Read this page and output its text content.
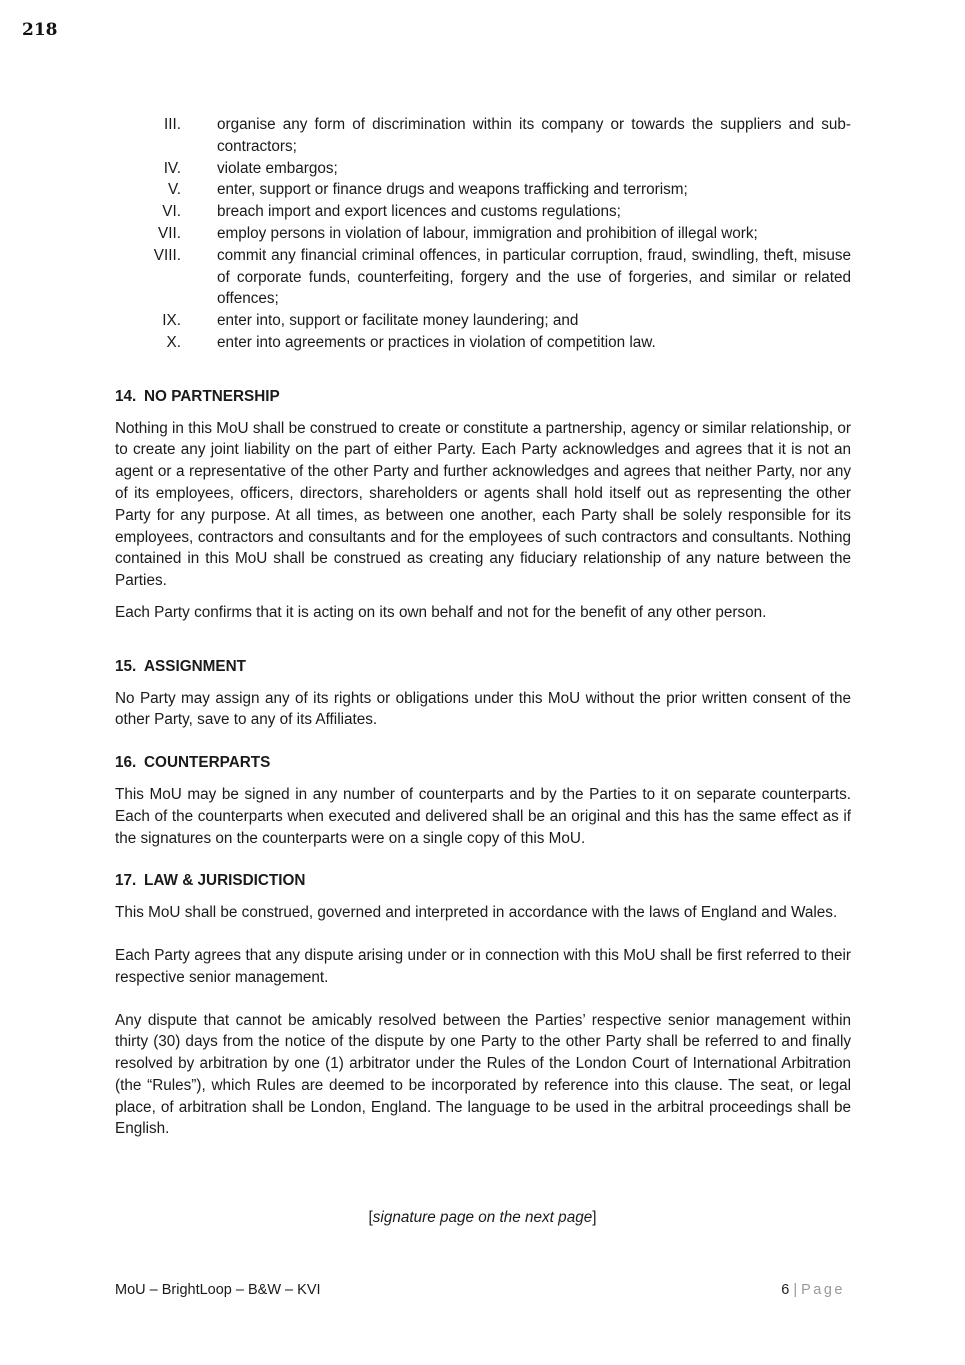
218
III.	organise any form of discrimination within its company or towards the suppliers and sub-contractors;
IV.	violate embargos;
V.	enter, support or finance drugs and weapons trafficking and terrorism;
VI.	breach import and export licences and customs regulations;
VII.	employ persons in violation of labour, immigration and prohibition of illegal work;
VIII.	commit any financial criminal offences, in particular corruption, fraud, swindling, theft, misuse of corporate funds, counterfeiting, forgery and the use of forgeries, and similar or related offences;
IX.	enter into, support or facilitate money laundering; and
X.	enter into agreements or practices in violation of competition law.

14. NO PARTNERSHIP

Nothing in this MoU shall be construed to create or constitute a partnership, agency or similar relationship, or to create any joint liability on the part of either Party. Each Party acknowledges and agrees that it is not an agent or a representative of the other Party and further acknowledges and agrees that neither Party, nor any of its employees, officers, directors, shareholders or agents shall hold itself out as representing the other Party for any purpose. At all times, as between one another, each Party shall be solely responsible for its employees, contractors and consultants and for the employees of such contractors and consultants. Nothing contained in this MoU shall be construed as creating any fiduciary relationship of any nature between the Parties.

Each Party confirms that it is acting on its own behalf and not for the benefit of any other person.

15. ASSIGNMENT

No Party may assign any of its rights or obligations under this MoU without the prior written consent of the other Party, save to any of its Affiliates.

16. COUNTERPARTS

This MoU may be signed in any number of counterparts and by the Parties to it on separate counterparts. Each of the counterparts when executed and delivered shall be an original and this has the same effect as if the signatures on the counterparts were on a single copy of this MoU.

17. LAW & JURISDICTION

This MoU shall be construed, governed and interpreted in accordance with the laws of England and Wales.

Each Party agrees that any dispute arising under or in connection with this MoU shall be first referred to their respective senior management.

Any dispute that cannot be amicably resolved between the Parties’ respective senior management within thirty (30) days from the notice of the dispute by one Party to the other Party shall be referred to and finally resolved by arbitration by one (1) arbitrator under the Rules of the London Court of International Arbitration (the “Rules”), which Rules are deemed to be incorporated by reference into this clause. The seat, or legal place, of arbitration shall be London, England. The language to be used in the arbitral proceedings shall be English.

[signature page on the next page]
MoU – BrightLoop – B&W – KVI	6 | Page
